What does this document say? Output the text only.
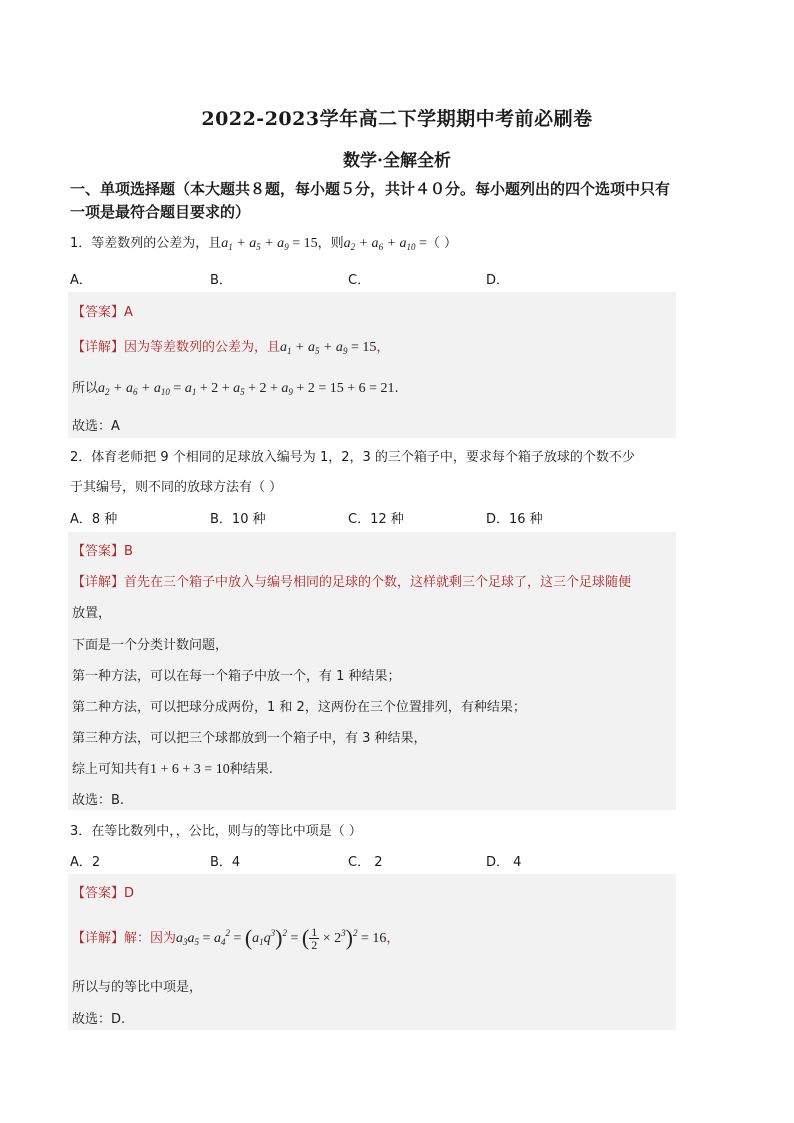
2022-2023学年高二下学期期中考前必刷卷
数学·全解全析
一、单项选择题（本大题共８题，每小题５分，共计４０分。每小题列出的四个选项中只有一项是最符合题目要求的）
1．等差数列的公差为，且$a_1 + a_5 + a_9 = 15$，则$a_2 + a_6 + a_{10}$ =（ ）
A．	B．	C．	D．
【答案】A
【详解】因为等差数列的公差为，且$a_1 + a_5 + a_9 = 15$，
所以$a_2 + a_6 + a_{10} = a_1 + 2 + a_5 + 2 + a_9 + 2 = 15 + 6 = 21$.
故选：A
2．体育老师把 9 个相同的足球放入编号为 1，2，3 的三个箱子中，要求每个箱子放球的个数不少
于其编号，则不同的放球方法有（ ）
A．8 种	B．10 种	C．12 种	D．16 种
【答案】B
【详解】首先在三个箱子中放入与编号相同的足球的个数，这样就剩三个足球了，这三个足球随便
放置，
下面是一个分类计数问题，
第一种方法，可以在每一个箱子中放一个，有 1 种结果；
第二种方法，可以把球分成两份，1 和 2，这两份在三个位置排列，有种结果；
第三种方法，可以把三个球都放到一个箱子中，有 3 种结果，
综上可知共有1 + 6 + 3 = 10种结果.
故选：B.
3．在等比数列中，，公比，则与的等比中项是（ ）
A．2	B．4	C． 2	D． 4
【答案】D
【详解】解：因为$a_3a_5 = a_4^2 = (a_1q^3)^2$ = ( $\frac{1}{2} \times 2^3)^2 = 16$，
所以与的等比中项是，
故选：D.
